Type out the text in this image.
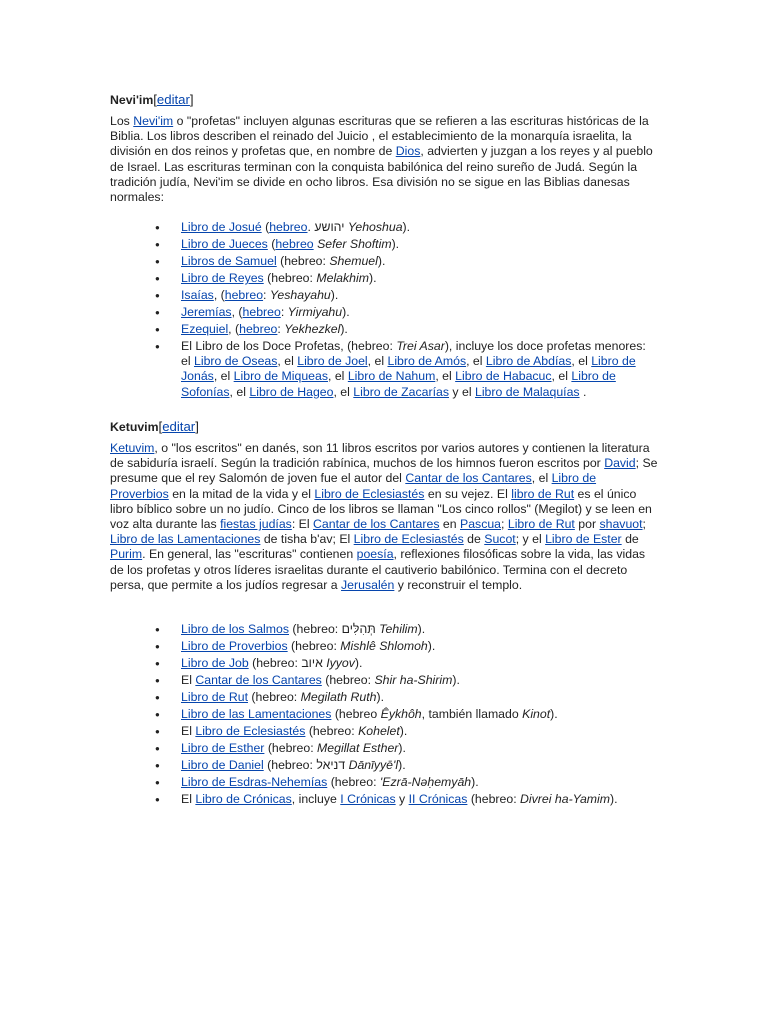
Nevi'im[editar]

Los Nevi'im o "profetas" incluyen algunas escrituras que se refieren a las escrituras históricas de la Biblia. Los libros describen el reinado del Juicio , el establecimiento de la monarquía israelita, la división en dos reinos y profetas que, en nombre de Dios, advierten y juzgan a los reyes y al pueblo de Israel. Las escrituras terminan con la conquista babilónica del reino sureño de Judá. Según la tradición judía, Nevi'im se divide en ocho libros. Esa división no se sigue en las Biblias danesas normales:

● Libro de Josué (hebreo. יהושע Yehoshua).
● Libro de Jueces (hebreo Sefer Shoftim).
● Libros de Samuel (hebreo: Shemuel).
● Libro de Reyes (hebreo: Melakhim).
● Isaías, (hebreo: Yeshayahu).
● Jeremías, (hebreo: Yirmiyahu).
● Ezequiel, (hebreo: Yekhezkel).
● El Libro de los Doce Profetas, (hebreo: Trei Asar), incluye los doce profetas menores: el Libro de Oseas, el Libro de Joel, el Libro de Amós, el Libro de Abdías, el Libro de Jonás, el Libro de Miqueas, el Libro de Nahum, el Libro de Habacuc, el Libro de Sofonías, el Libro de Hageo, el Libro de Zacarías y el Libro de Malaquías .
Ketuvim[editar]

Ketuvim, o "los escritos" en danés, son 11 libros escritos por varios autores y contienen la literatura de sabiduría israelí. Según la tradición rabínica, muchos de los himnos fueron escritos por David; Se presume que el rey Salomón de joven fue el autor del Cantar de los Cantares, el Libro de Proverbios en la mitad de la vida y el Libro de Eclesiastés en su vejez. El libro de Rut es el único libro bíblico sobre un no judío. Cinco de los libros se llaman "Los cinco rollos" (Megilot) y se leen en voz alta durante las fiestas judías: El Cantar de los Cantares en Pascua; Libro de Rut por shavuot; Libro de las Lamentaciones de tisha b'av; El Libro de Eclesiastés de Sucot; y el Libro de Ester de Purim. En general, las "escrituras" contienen poesía, reflexiones filosóficas sobre la vida, las vidas de los profetas y otros líderes israelitas durante el cautiverio babilónico. Termina con el decreto persa, que permite a los judíos regresar a Jerusalén y reconstruir el templo.

● Libro de los Salmos (hebreo: תְּהִלִּים Tehilim).
● Libro de Proverbios (hebreo: Mishlê Shlomoh).
● Libro de Job (hebreo: איוב Iyyov).
● El Cantar de los Cantares (hebreo: Shir ha-Shirim).
● Libro de Rut (hebreo: Megilath Ruth).
● Libro de las Lamentaciones (hebreo Êykhôh, también llamado Kinot).
● El Libro de Eclesiastés (hebreo: Kohelet).
● Libro de Esther (hebreo: Megillat Esther).
● Libro de Daniel (hebreo: דניאל Dānīyyē'l).
● Libro de Esdras-Nehemías (hebreo: 'Ezrā-Nəḥemyāh).
● El Libro de Crónicas, incluye I Crónicas y II Crónicas (hebreo: Divrei ha-Yamim).
